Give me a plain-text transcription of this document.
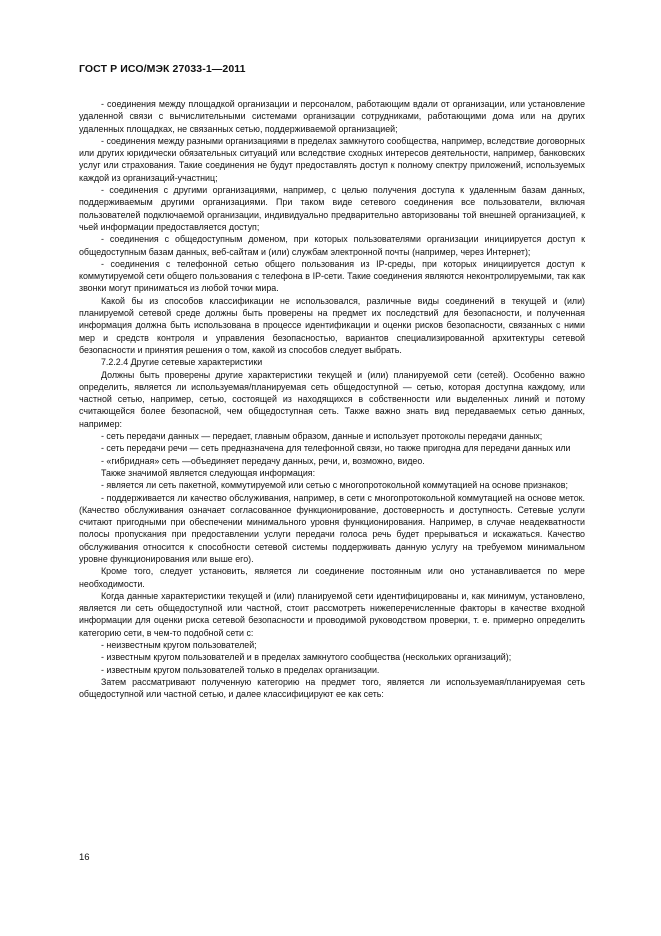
ГОСТ Р ИСО/МЭК 27033-1—2011

- соединения между площадкой организации и персоналом, работающим вдали от организации, или установление удаленной связи с вычислительными системами организации сотрудниками, работающими дома или на других удаленных площадках, не связанных сетью, поддерживаемой организацией;

- соединения между разными организациями в пределах замкнутого сообщества, например, вследствие договорных или других юридически обязательных ситуаций или вследствие сходных интересов деятельности, например, банковских услуг или страхования. Такие соединения не будут предоставлять доступ к полному спектру приложений, используемых каждой из организаций-участниц;

- соединения с другими организациями, например, с целью получения доступа к удаленным базам данных, поддерживаемым другими организациями. При таком виде сетевого соединения все пользователи, включая пользователей подключаемой организации, индивидуально предварительно авторизованы той внешней организацией, к чьей информации предоставляется доступ;

- соединения с общедоступным доменом, при которых пользователями организации инициируется доступ к общедоступным базам данных, веб-сайтам и (или) службам электронной почты (например, через Интернет);

- соединения с телефонной сетью общего пользования из IP-среды, при которых инициируется доступ к коммутируемой сети общего пользования с телефона в IP-сети. Такие соединения являются неконтролируемыми, так как звонки могут приниматься из любой точки мира.

Какой бы из способов классификации не использовался, различные виды соединений в текущей и (или) планируемой сетевой среде должны быть проверены на предмет их последствий для безопасности, и полученная информация должна быть использована в процессе идентификации и оценки рисков безопасности, связанных с ними мер и средств контроля и управления безопасностью, вариантов специализированной архитектуры сетевой безопасности и принятия решения о том, какой из способов следует выбрать.

7.2.2.4 Другие сетевые характеристики

Должны быть проверены другие характеристики текущей и (или) планируемой сети (сетей). Особенно важно определить, является ли используемая/планируемая сеть общедоступной — сетью, которая доступна каждому, или частной сетью, например, сетью, состоящей из находящихся в собственности или выделенных линий и потому считающейся более безопасной, чем общедоступная сеть. Также важно знать вид передаваемых сетью данных, например:

- сеть передачи данных — передает, главным образом, данные и использует протоколы передачи данных;

- сеть передачи речи — сеть предназначена для телефонной связи, но также пригодна для передачи данных или

- «гибридная» сеть —объединяет передачу данных, речи, и, возможно, видео.

Также значимой является следующая информация:

- является ли сеть пакетной, коммутируемой или сетью с многопротокольной коммутацией на основе признаков;

- поддерживается ли качество обслуживания, например, в сети с многопротокольной коммутацией на основе меток. (Качество обслуживания означает согласованное функционирование, достоверность и доступность. Сетевые услуги считают пригодными при обеспечении минимального уровня функционирования. Например, в случае неадекватности полосы пропускания при предоставлении услуги передачи голоса речь будет прерываться и искажаться. Качество обслуживания относится к способности сетевой системы поддерживать данную услугу на требуемом минимальном уровне функционирования или выше его).

Кроме того, следует установить, является ли соединение постоянным или оно устанавливается по мере необходимости.

Когда данные характеристики текущей и (или) планируемой сети идентифицированы и, как минимум, установлено, является ли сеть общедоступной или частной, стоит рассмотреть нижеперечисленные факторы в качестве входной информации для оценки риска сетевой безопасности и проводимой руководством проверки, т. е. примерно определить категорию сети, в чем-то подобной сети с:

- неизвестным кругом пользователей;

- известным кругом пользователей и в пределах замкнутого сообщества (нескольких организаций);

- известным кругом пользователей только в пределах организации.

Затем рассматривают полученную категорию на предмет того, является ли используемая/планируемая сеть общедоступной или частной сетью, и далее классифицируют ее как сеть:

16
